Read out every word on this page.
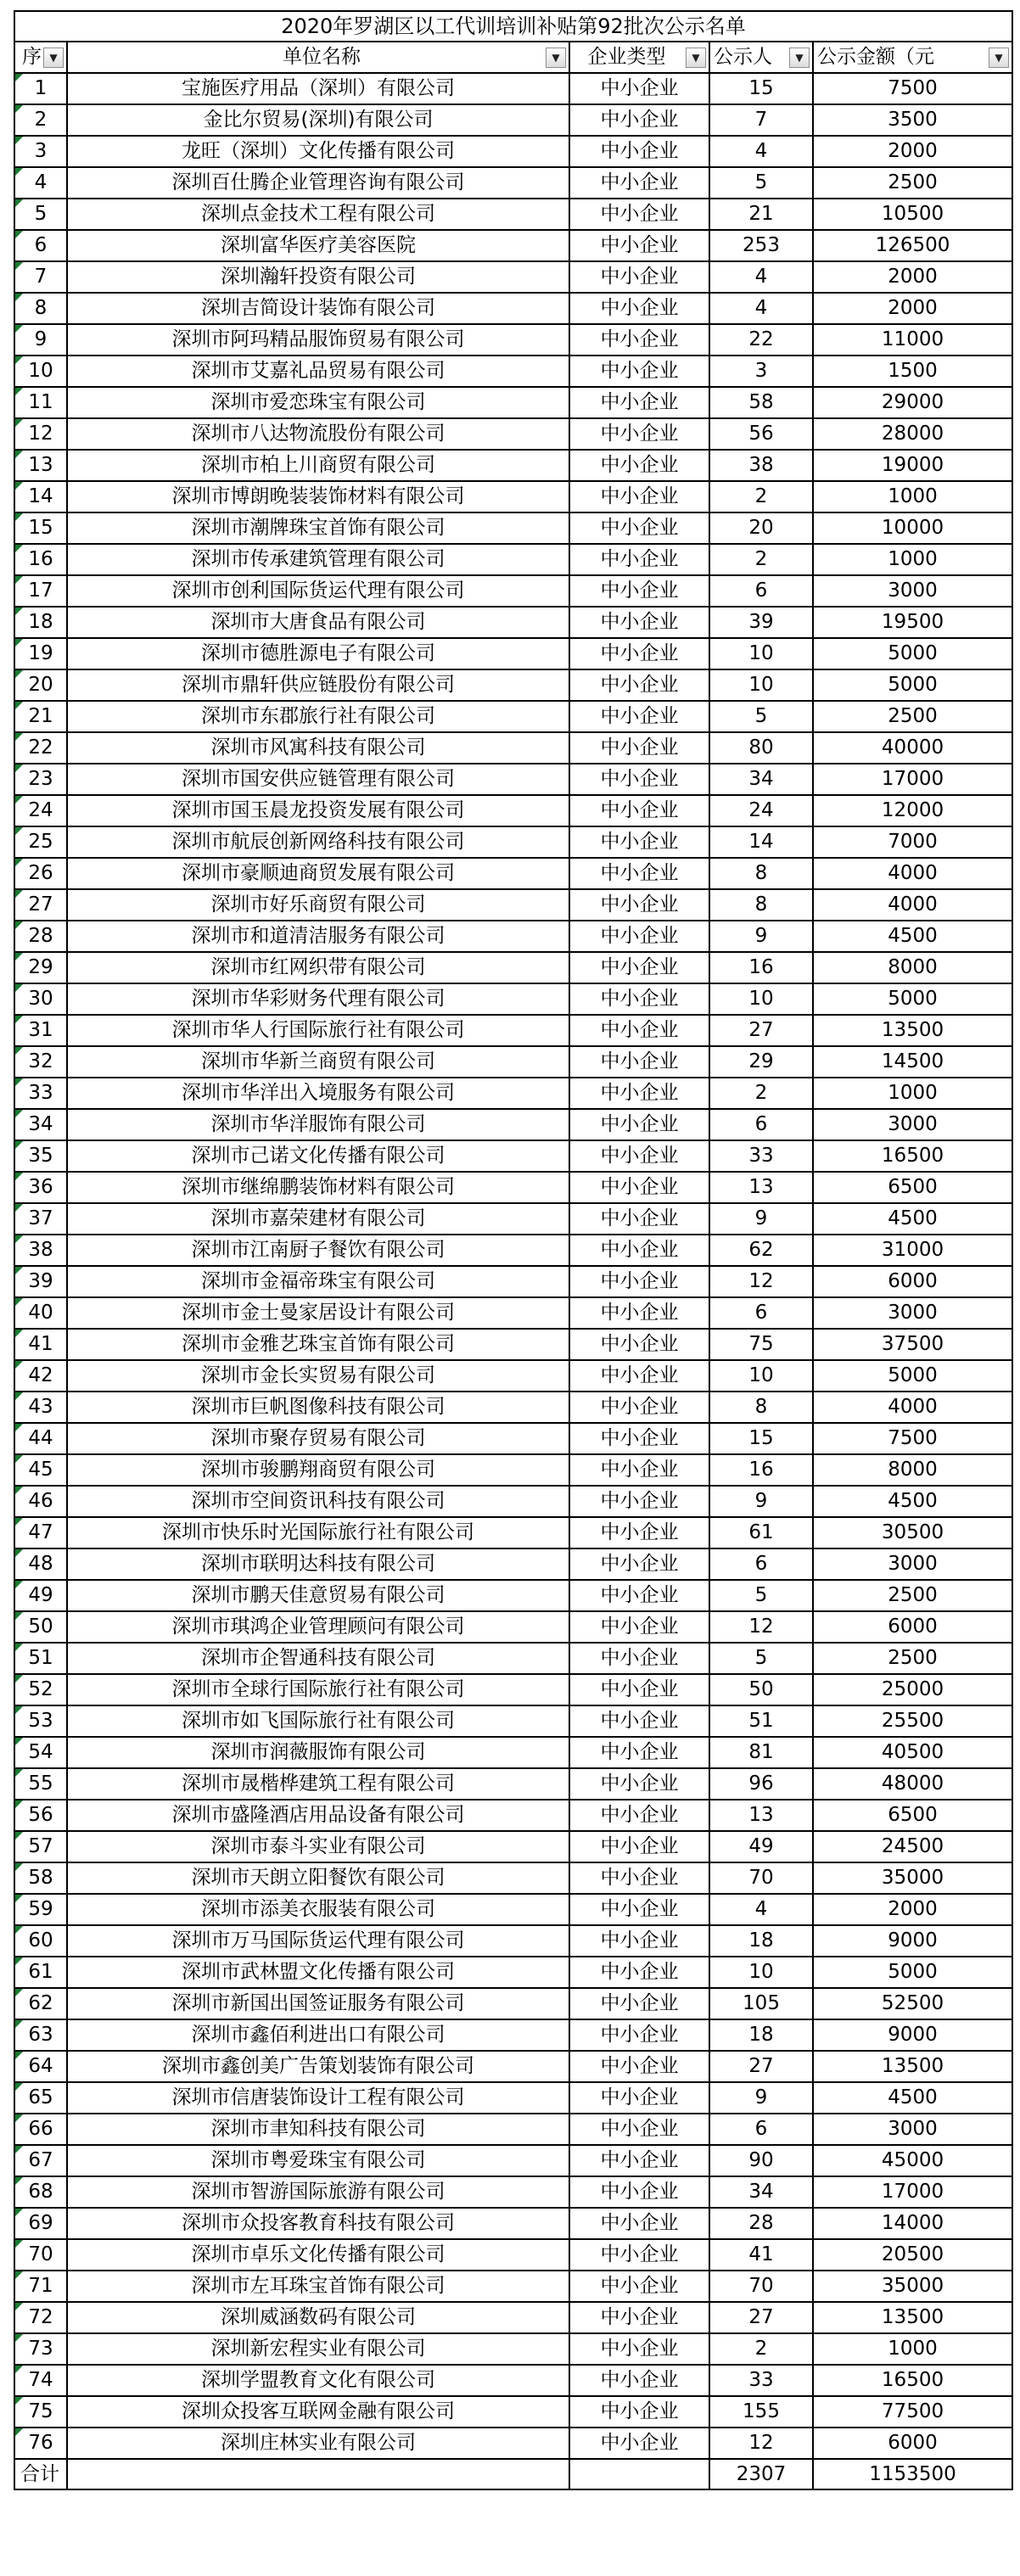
2020年罗湖区以工代训培训补贴第92批次公示名单				
序 ▼	单位名称 ▼	企业类型 ▼	公示人 ▼	公示金额（元 ▼

1	宝施医疗用品（深圳）有限公司	中小企业	15	7500
2	金比尔贸易(深圳)有限公司	中小企业	7	3500
3	龙旺（深圳）文化传播有限公司	中小企业	4	2000
4	深圳百仕腾企业管理咨询有限公司	中小企业	5	2500
5	深圳点金技术工程有限公司	中小企业	21	10500
6	深圳富华医疗美容医院	中小企业	253	126500
7	深圳瀚轩投资有限公司	中小企业	4	2000
8	深圳吉简设计装饰有限公司	中小企业	4	2000
9	深圳市阿玛精品服饰贸易有限公司	中小企业	22	11000
10	深圳市艾嘉礼品贸易有限公司	中小企业	3	1500
11	深圳市爱恋珠宝有限公司	中小企业	58	29000
12	深圳市八达物流股份有限公司	中小企业	56	28000
13	深圳市柏上川商贸有限公司	中小企业	38	19000
14	深圳市博朗晚装装饰材料有限公司	中小企业	2	1000
15	深圳市潮牌珠宝首饰有限公司	中小企业	20	10000
16	深圳市传承建筑管理有限公司	中小企业	2	1000
17	深圳市创利国际货运代理有限公司	中小企业	6	3000
18	深圳市大唐食品有限公司	中小企业	39	19500
19	深圳市德胜源电子有限公司	中小企业	10	5000
20	深圳市鼎轩供应链股份有限公司	中小企业	10	5000
21	深圳市东郡旅行社有限公司	中小企业	5	2500
22	深圳市风寓科技有限公司	中小企业	80	40000
23	深圳市国安供应链管理有限公司	中小企业	34	17000
24	深圳市国玉晨龙投资发展有限公司	中小企业	24	12000
25	深圳市航辰创新网络科技有限公司	中小企业	14	7000
26	深圳市豪顺迪商贸发展有限公司	中小企业	8	4000
27	深圳市好乐商贸有限公司	中小企业	8	4000
28	深圳市和道清洁服务有限公司	中小企业	9	4500
29	深圳市红网织带有限公司	中小企业	16	8000
30	深圳市华彩财务代理有限公司	中小企业	10	5000
31	深圳市华人行国际旅行社有限公司	中小企业	27	13500
32	深圳市华新兰商贸有限公司	中小企业	29	14500
33	深圳市华洋出入境服务有限公司	中小企业	2	1000
34	深圳市华洋服饰有限公司	中小企业	6	3000
35	深圳市己诺文化传播有限公司	中小企业	33	16500
36	深圳市继绵鹏装饰材料有限公司	中小企业	13	6500
37	深圳市嘉荣建材有限公司	中小企业	9	4500
38	深圳市江南厨子餐饮有限公司	中小企业	62	31000
39	深圳市金福帝珠宝有限公司	中小企业	12	6000
40	深圳市金士曼家居设计有限公司	中小企业	6	3000
41	深圳市金雅艺珠宝首饰有限公司	中小企业	75	37500
42	深圳市金长实贸易有限公司	中小企业	10	5000
43	深圳市巨帆图像科技有限公司	中小企业	8	4000
44	深圳市聚存贸易有限公司	中小企业	15	7500
45	深圳市骏鹏翔商贸有限公司	中小企业	16	8000
46	深圳市空间资讯科技有限公司	中小企业	9	4500
47	深圳市快乐时光国际旅行社有限公司	中小企业	61	30500
48	深圳市联明达科技有限公司	中小企业	6	3000
49	深圳市鹏天佳意贸易有限公司	中小企业	5	2500
50	深圳市琪鸿企业管理顾问有限公司	中小企业	12	6000
51	深圳市企智通科技有限公司	中小企业	5	2500
52	深圳市全球行国际旅行社有限公司	中小企业	50	25000
53	深圳市如飞国际旅行社有限公司	中小企业	51	25500
54	深圳市润薇服饰有限公司	中小企业	81	40500
55	深圳市晟楷桦建筑工程有限公司	中小企业	96	48000
56	深圳市盛隆酒店用品设备有限公司	中小企业	13	6500
57	深圳市泰斗实业有限公司	中小企业	49	24500
58	深圳市天朗立阳餐饮有限公司	中小企业	70	35000
59	深圳市添美衣服装有限公司	中小企业	4	2000
60	深圳市万马国际货运代理有限公司	中小企业	18	9000
61	深圳市武林盟文化传播有限公司	中小企业	10	5000
62	深圳市新国出国签证服务有限公司	中小企业	105	52500
63	深圳市鑫佰利进出口有限公司	中小企业	18	9000
64	深圳市鑫创美广告策划装饰有限公司	中小企业	27	13500
65	深圳市信唐装饰设计工程有限公司	中小企业	9	4500
66	深圳市聿知科技有限公司	中小企业	6	3000
67	深圳市粤爱珠宝有限公司	中小企业	90	45000
68	深圳市智游国际旅游有限公司	中小企业	34	17000
69	深圳市众投客教育科技有限公司	中小企业	28	14000
70	深圳市卓乐文化传播有限公司	中小企业	41	20500
71	深圳市左耳珠宝首饰有限公司	中小企业	70	35000
72	深圳威涵数码有限公司	中小企业	27	13500
73	深圳新宏程实业有限公司	中小企业	2	1000
74	深圳学盟教育文化有限公司	中小企业	33	16500
75	深圳众投客互联网金融有限公司	中小企业	155	77500
76	深圳庄林实业有限公司	中小企业	12	6000
合计			2307	1153500
